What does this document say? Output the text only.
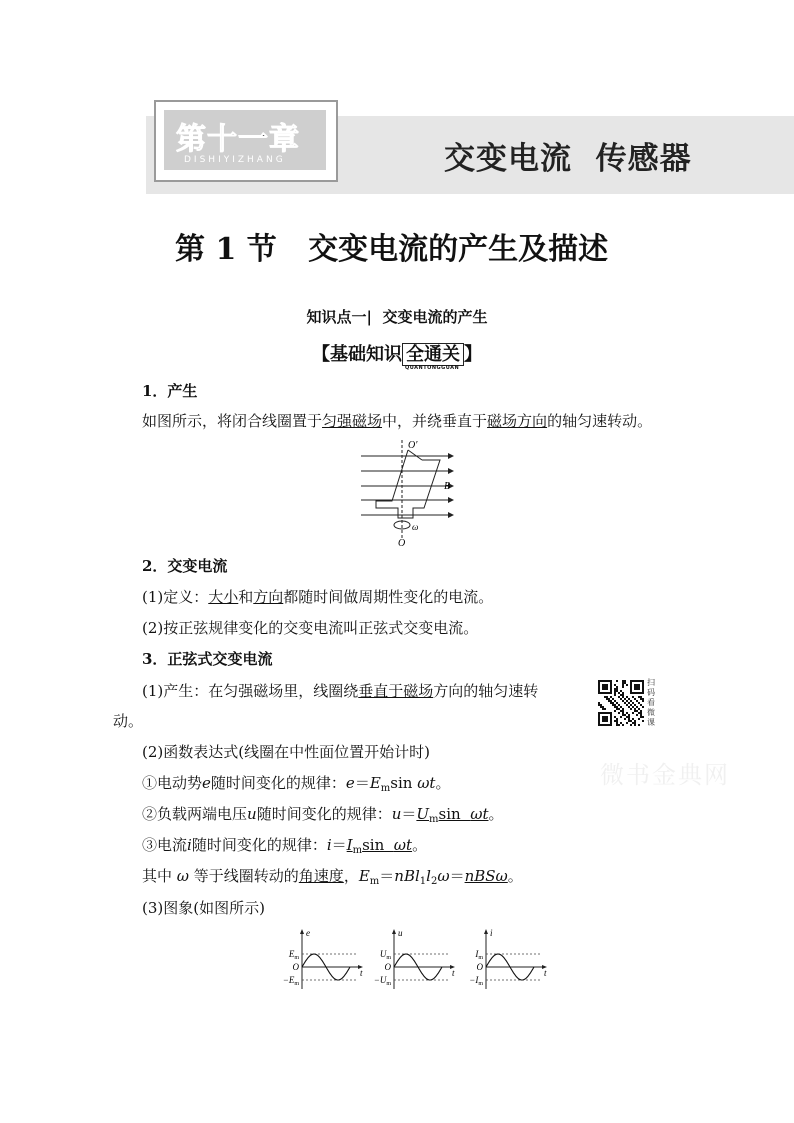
第十一章
DISHIYIZHANG	交变电流  传感器
第 1 节   交变电流的产生及描述
知识点一|  交变电流的产生
【基础知识 全通关
QUANTONGGUAN
】
1．产生
如图所示，将闭合线圈置于匀强磁场中，并绕垂直于磁场方向的轴匀速转动。
O′
B
ω
O
2．交变电流
(1)定义：大小和方向都随时间做周期性变化的电流。
(2)按正弦规律变化的交变电流叫正弦式交变电流。
3．正弦式交变电流
(1)产生：在匀强磁场里，线圈绕垂直于磁场方向的轴匀速转
动。
扫码看微课
(2)函数表达式(线圈在中性面位置开始计时)
①电动势e随时间变化的规律：$e=E_m\sin$ ωt。
②负载两端电压u随时间变化的规律：$u=U_m\sin$  ωt。
③电流i随时间变化的规律：$i=I_m\sin$  ωt。
其中 ω 等于线圈转动的角速度，$E_m=nBl_1l_2\omega=nBS\omega$。
(3)图象(如图所示)
e
t
$E_m$
O
$-E_m$
u
t
$U_m$
O
$-U_m$
i
t
$I_m$
O
$-I_m$
微书金典网
